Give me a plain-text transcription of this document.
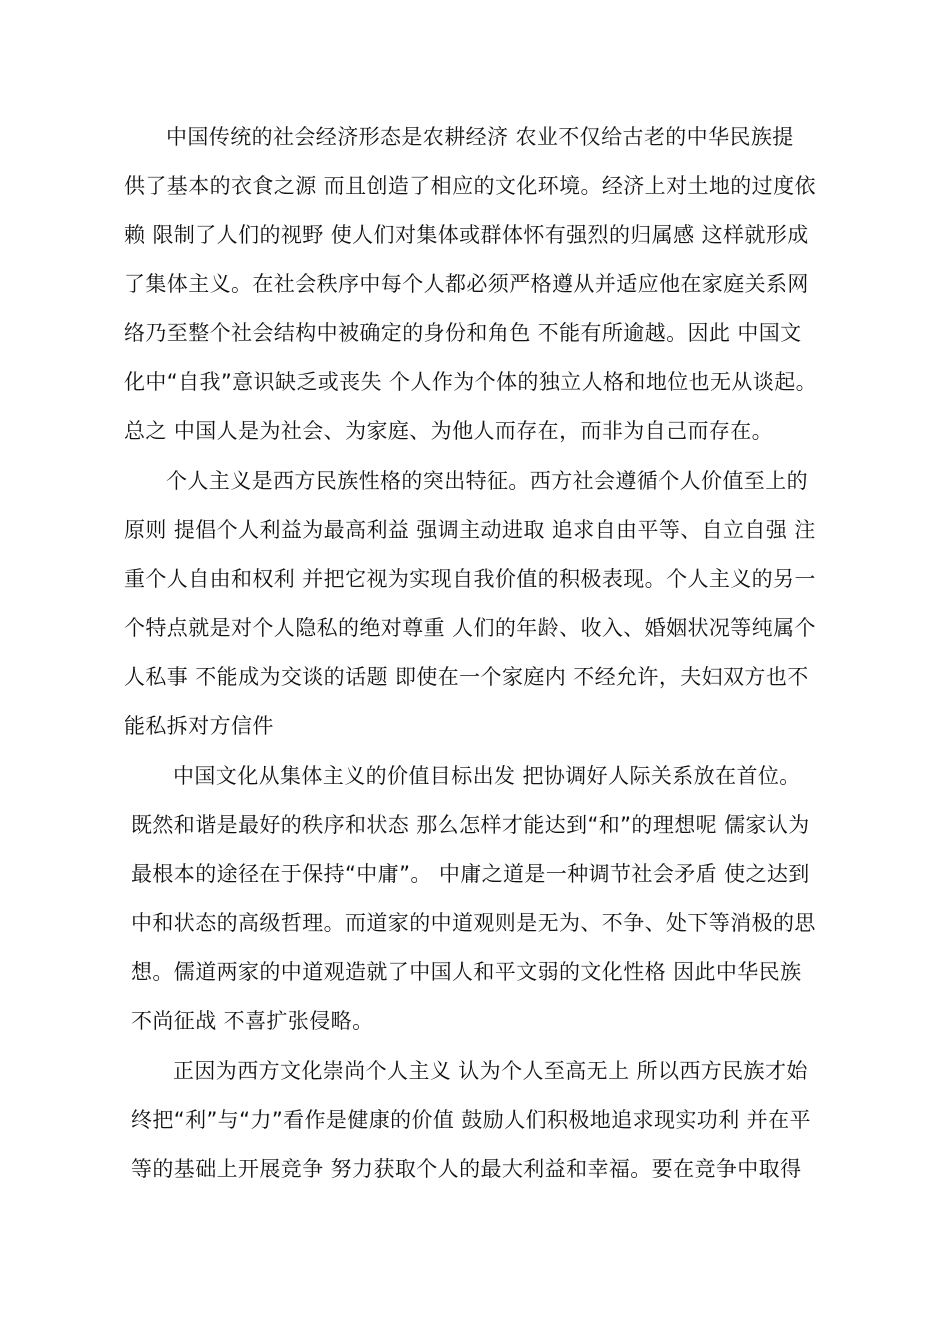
中国传统的社会经济形态是农耕经济 农业不仅给古老的中华民族提
供了基本的衣食之源 而且创造了相应的文化环境。经济上对土地的过度依
赖 限制了人们的视野 使人们对集体或群体怀有强烈的归属感 这样就形成
了集体主义。在社会秩序中每个人都必须严格遵从并适应他在家庭关系网
络乃至整个社会结构中被确定的身份和角色 不能有所逾越。因此 中国文
化中“自我”意识缺乏或丧失 个人作为个体的独立人格和地位也无从谈起。
总之 中国人是为社会、为家庭、为他人而存在，而非为自己而存在。
个人主义是西方民族性格的突出特征。西方社会遵循个人价值至上的
原则 提倡个人利益为最高利益 强调主动进取 追求自由平等、自立自强 注
重个人自由和权利 并把它视为实现自我价值的积极表现。个人主义的另一
个特点就是对个人隐私的绝对尊重 人们的年龄、收入、婚姻状况等纯属个
人私事 不能成为交谈的话题 即使在一个家庭内 不经允许，夫妇双方也不
能私拆对方信件
中国文化从集体主义的价值目标出发 把协调好人际关系放在首位。
既然和谐是最好的秩序和状态 那么怎样才能达到“和”的理想呢 儒家认为
最根本的途径在于保持“中庸”。 中庸之道是一种调节社会矛盾 使之达到
中和状态的高级哲理。而道家的中道观则是无为、不争、处下等消极的思
想。儒道两家的中道观造就了中国人和平文弱的文化性格 因此中华民族
不尚征战 不喜扩张侵略。
正因为西方文化崇尚个人主义 认为个人至高无上 所以西方民族才始
终把“利”与“力”看作是健康的价值 鼓励人们积极地追求现实功利 并在平
等的基础上开展竞争 努力获取个人的最大利益和幸福。要在竞争中取得
